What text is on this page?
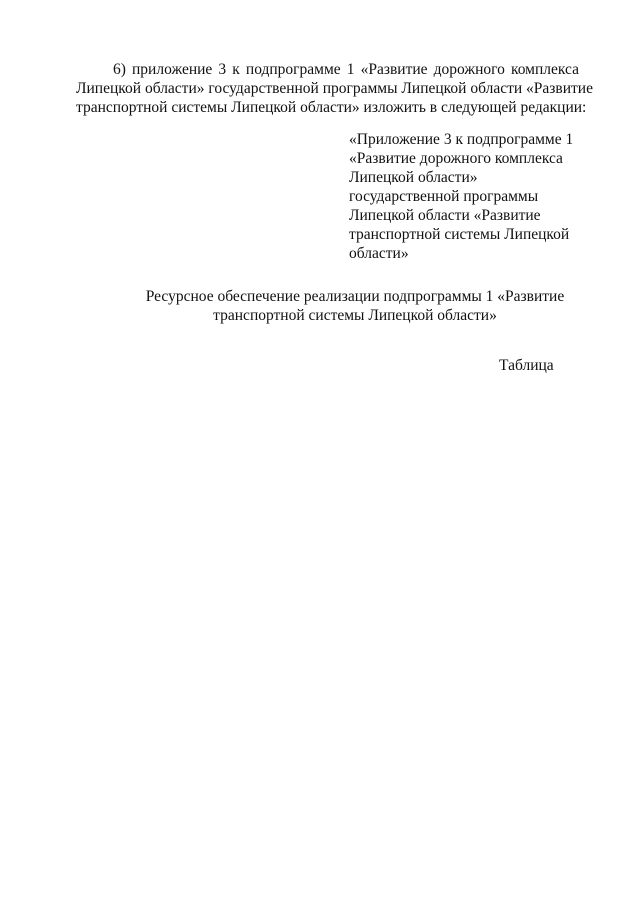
6) приложение 3 к подпрограмме 1 «Развитие дорожного комплекса
Липецкой области» государственной программы Липецкой области «Развитие
транспортной системы Липецкой области» изложить в следующей редакции:

«Приложение 3 к подпрограмме 1
«Развитие дорожного комплекса
Липецкой области»
государственной программы
Липецкой области «Развитие
транспортной системы Липецкой
области»

Ресурсное обеспечение реализации подпрограммы 1 «Развитие
транспортной системы Липецкой области»

Таблица
